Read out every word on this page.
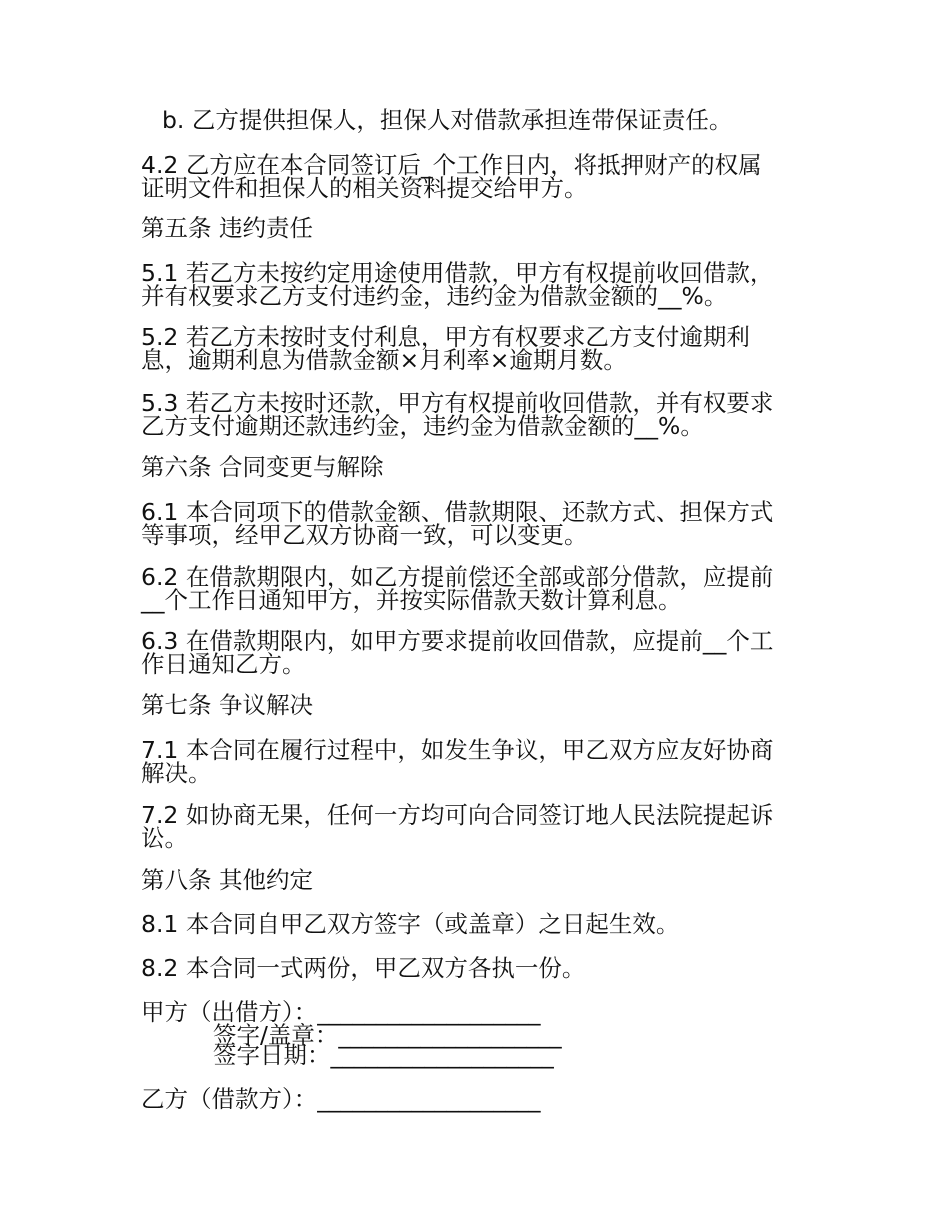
b. 乙方提供担保人，担保人对借款承担连带保证责任。
4.2 乙方应在本合同签订后_个工作日内，将抵押财产的权属
证明文件和担保人的相关资料提交给甲方。
第五条 违约责任
5.1 若乙方未按约定用途使用借款，甲方有权提前收回借款，
并有权要求乙方支付违约金，违约金为借款金额的__%。
5.2 若乙方未按时支付利息，甲方有权要求乙方支付逾期利
息，逾期利息为借款金额×月利率×逾期月数。
5.3 若乙方未按时还款，甲方有权提前收回借款，并有权要求
乙方支付逾期还款违约金，违约金为借款金额的__%。
第六条 合同变更与解除
6.1 本合同项下的借款金额、借款期限、还款方式、担保方式
等事项，经甲乙双方协商一致，可以变更。
6.2 在借款期限内，如乙方提前偿还全部或部分借款，应提前
__个工作日通知甲方，并按实际借款天数计算利息。
6.3 在借款期限内，如甲方要求提前收回借款，应提前__个工
作日通知乙方。
第七条 争议解决
7.1 本合同在履行过程中，如发生争议，甲乙双方应友好协商
解决。
7.2 如协商无果，任何一方均可向合同签订地人民法院提起诉
讼。
第八条 其他约定
8.1 本合同自甲乙双方签字（或盖章）之日起生效。
8.2 本合同一式两份，甲乙双方各执一份。
甲方（出借方）：___________________
签字/盖章：___________________
签字日期：___________________
乙方（借款方）：___________________
